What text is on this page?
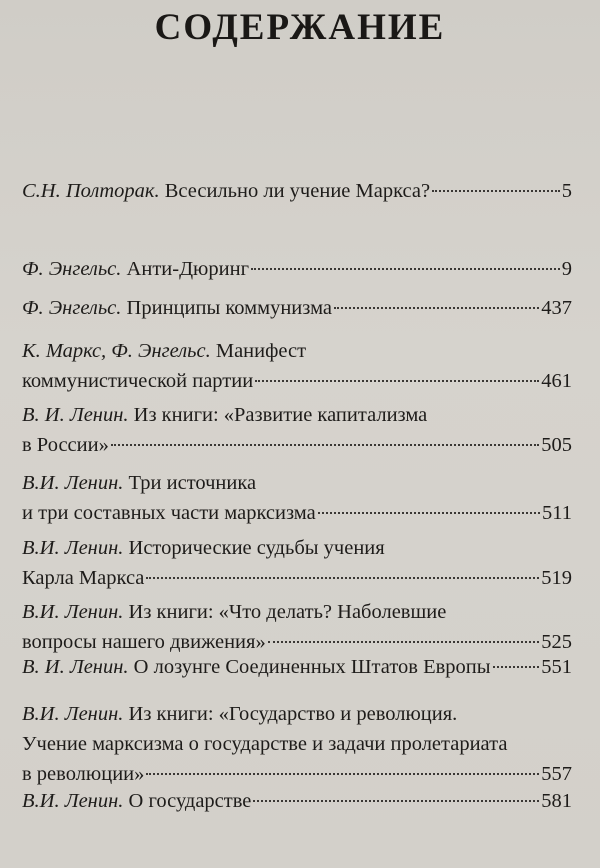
СОДЕРЖАНИЕ
С.Н. Полторак.
Всесильно ли учение Маркса?	5
Ф. Энгельс.
Анти-Дюринг	9
Ф. Энгельс.
Принципы коммунизма	437
К. Маркс, Ф. Энгельс.
Манифест
коммунистической партии	461
В. И. Ленин.
Из книги: «Развитие капитализма
в России»	505
В.И. Ленин.
Три источника
и три составных части марксизма	511
В.И. Ленин.
Исторические судьбы учения
Карла Маркса	519
В.И. Ленин.
Из книги: «Что делать? Наболевшие
вопросы нашего движения»	525
В. И. Ленин.
О лозунге Соединенных Штатов Европы 551
В.И. Ленин.
Из книги: «Государство и революция.
Учение марксизма о государстве и задачи пролетариата
в революции»	557
В.И. Ленин.
О государстве	581
